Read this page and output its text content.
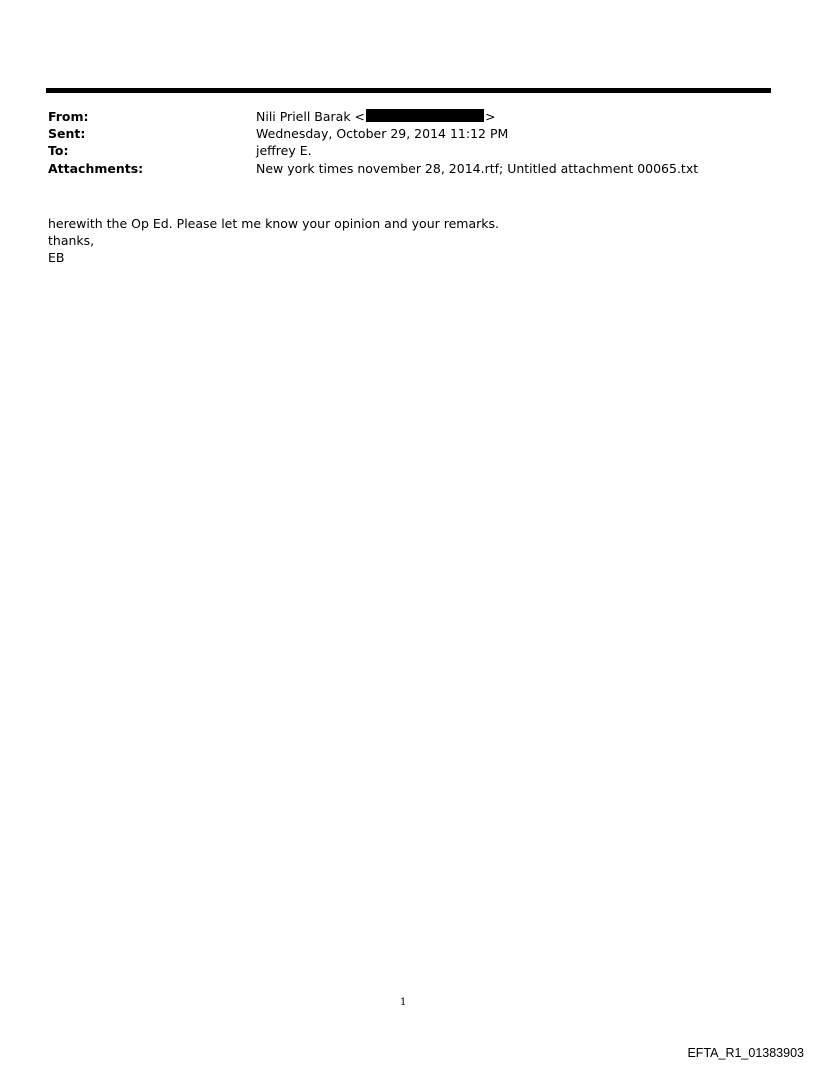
From:	Nili Priell Barak <	>
Sent:	Wednesday, October 29, 2014 11:12 PM
To:	jeffrey E.
Attachments:	New york times november 28, 2014.rtf; Untitled attachment 00065.txt
herewith the Op Ed. Please let me know your opinion and your remarks.
thanks,
EB
1
EFTA_R1_01383903
